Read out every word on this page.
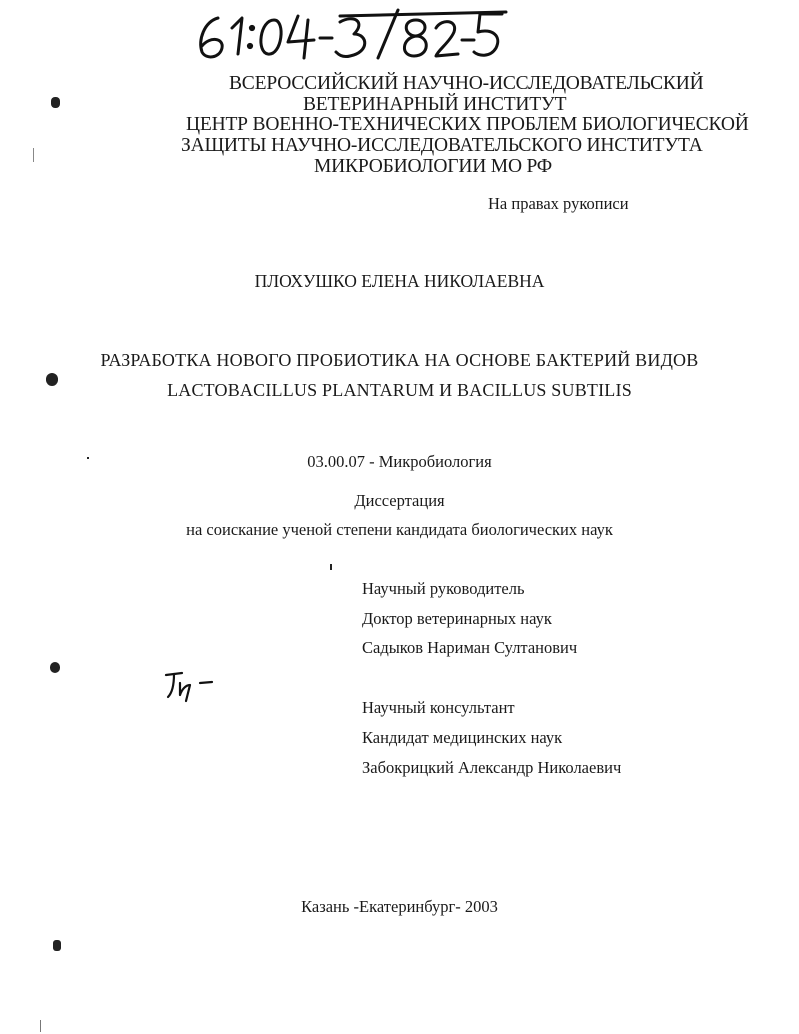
ВСЕРОССИЙСКИЙ НАУЧНО-ИССЛЕДОВАТЕЛЬСКИЙ

ВЕТЕРИНАРНЫЙ ИНСТИТУТ

ЦЕНТР ВОЕННО-ТЕХНИЧЕСКИХ ПРОБЛЕМ БИОЛОГИЧЕСКОЙ

ЗАЩИТЫ НАУЧНО-ИССЛЕДОВАТЕЛЬСКОГО ИНСТИТУТА

МИКРОБИОЛОГИИ МО РФ

На правах рукописи

ПЛОХУШКО ЕЛЕНА НИКОЛАЕВНА

РАЗРАБОТКА НОВОГО ПРОБИОТИКА НА ОСНОВЕ БАКТЕРИЙ ВИДОВ

LACTOBACILLUS PLANTARUM И BACILLUS SUBTILIS

03.00.07 - Микробиология

Диссертация

на соискание ученой степени кандидата биологических наук

Научный руководитель

Доктор ветеринарных наук

Садыков Нариман Султанович

Научный консультант

Кандидат медицинских наук

Забокрицкий Александр Николаевич

Казань -Екатеринбург- 2003
